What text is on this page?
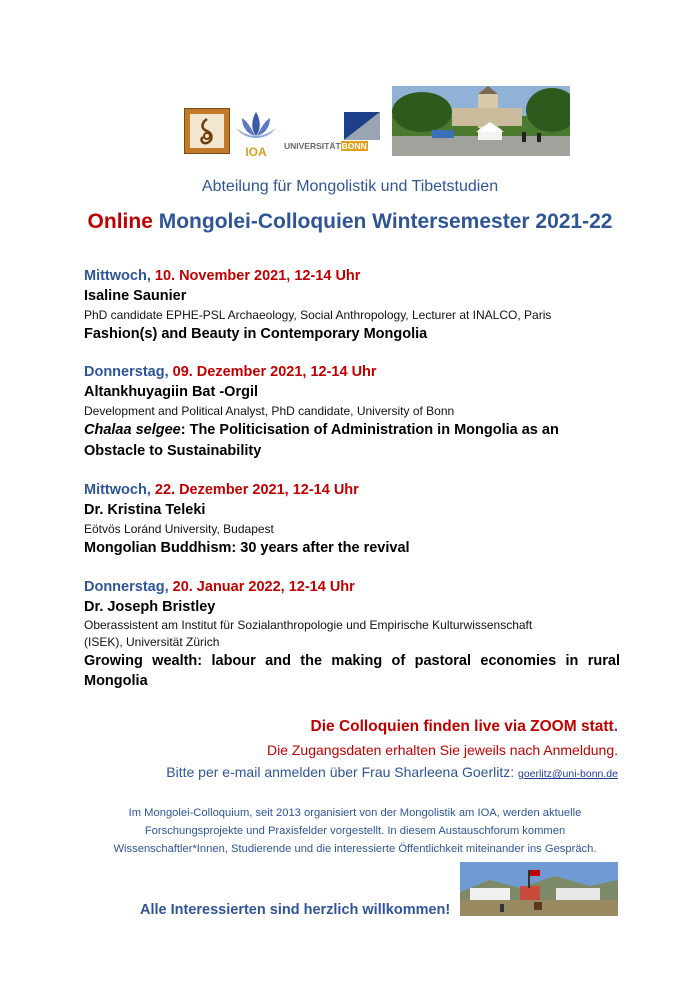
IOA	UNIVERSITÄTBONN
Abteilung für Mongolistik und Tibetstudien
Online Mongolei-Colloquien Wintersemester 2021-22
Mittwoch, 10. November 2021, 12-14 Uhr
Isaline Saunier
PhD candidate EPHE-PSL Archaeology, Social Anthropology, Lecturer at INALCO, Paris
Fashion(s) and Beauty in Contemporary Mongolia
Donnerstag, 09. Dezember 2021, 12-14 Uhr
Altankhuyagiin Bat -Orgil
Development and Political Analyst, PhD candidate, University of Bonn
Chalaa selgee: The Politicisation of Administration in Mongolia as an Obstacle to Sustainability
Mittwoch, 22. Dezember 2021, 12-14 Uhr
Dr. Kristina Teleki
Eötvös Loránd University, Budapest
Mongolian Buddhism: 30 years after the revival
Donnerstag, 20. Januar 2022, 12-14 Uhr
Dr. Joseph Bristley
Oberassistent am Institut für Sozialanthropologie und Empirische Kulturwissenschaft
(ISEK), Universität Zürich
Growing wealth: labour and the making of pastoral economies in rural Mongolia
Die Colloquien finden live via ZOOM statt.
Die Zugangsdaten erhalten Sie jeweils nach Anmeldung.
Bitte per e-mail anmelden über Frau Sharleena Goerlitz: goerlitz@uni-bonn.de
Im Mongolei-Colloquium, seit 2013 organisiert von der Mongolistik am IOA, werden aktuelle Forschungsprojekte und Praxisfelder vorgestellt. In diesem Austauschforum kommen Wissenschaftler*Innen, Studierende und die interessierte Öffentlichkeit miteinander ins Gespräch.
Alle Interessierten sind herzlich willkommen!
